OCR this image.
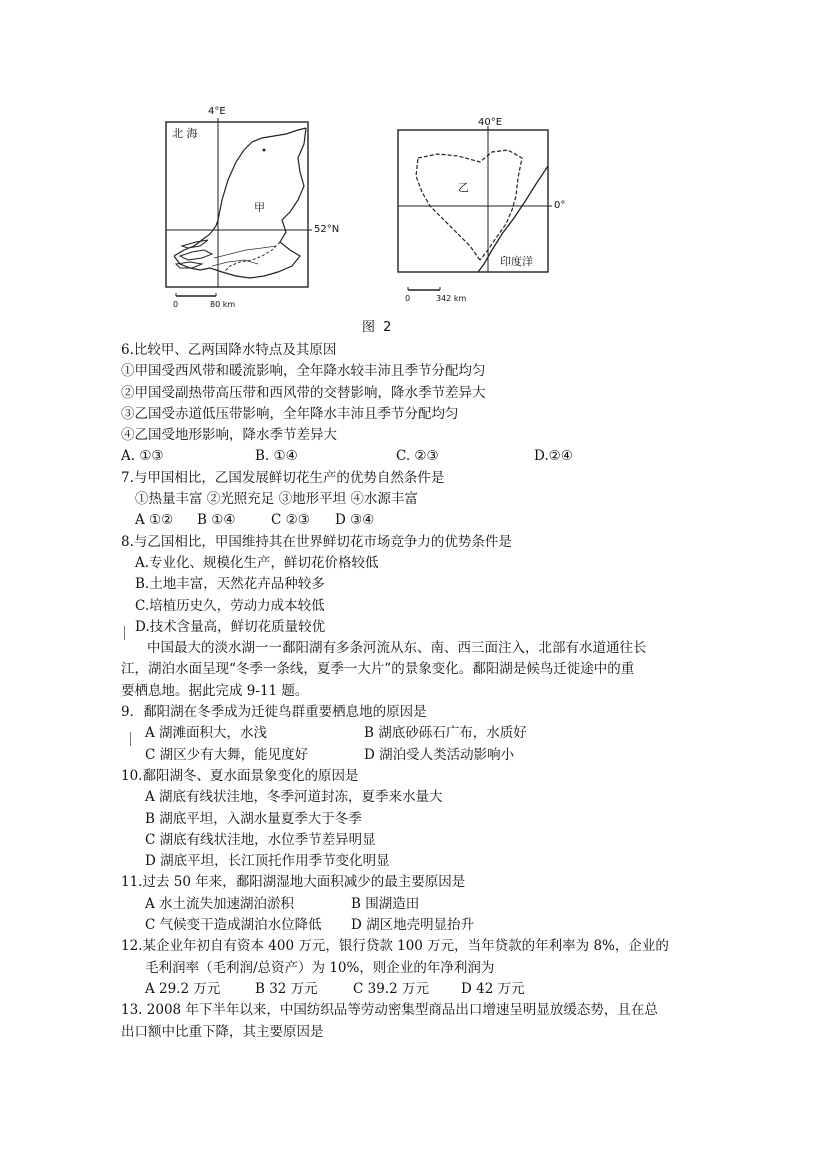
4°E
52°N
北 海
甲
0	80 km
40°E
0°
乙
印度洋
0	342 km
图 2
6.比较甲、乙两国降水特点及其原因
①甲国受西风带和暖流影响，全年降水较丰沛且季节分配均匀
②甲国受副热带高压带和西风带的交替影响，降水季节差异大
③乙国受赤道低压带影响，全年降水丰沛且季节分配均匀
④乙国受地形影响，降水季节差异大
A. ①③	B. ①④	C. ②③	D.②④
7.与甲国相比，乙国发展鲜切花生产的优势自然条件是
①热量丰富 ②光照充足 ③地形平坦 ④水源丰富
A ①② B ①④	C ②③ D ③④
8.与乙国相比，甲国维持其在世界鲜切花市场竞争力的优势条件是
A.专业化、规模化生产，鲜切花价格较低
B.土地丰富，天然花卉品种较多
C.培植历史久，劳动力成本较低
D.技术含量高，鲜切花质量较优
中国最大的淡水湖一一鄱阳湖有多条河流从东、南、西三面注入，北部有水道通往长
江，湖泊水面呈现“冬季一条线，夏季一大片”的景象变化。鄱阳湖是候鸟迁徙途中的重
要栖息地。据此完成 9-11 题。
9．鄱阳湖在冬季成为迁徙鸟群重要栖息地的原因是
A 湖滩面积大，水浅	B 湖底砂砾石广布，水质好
C 湖区少有大舞，能见度好	D 湖泊受人类活动影响小
10.鄱阳湖冬、夏水面景象变化的原因是
A 湖底有线状洼地，冬季河道封冻，夏季来水量大
B 湖底平坦，入湖水量夏季大于冬季
C 湖底有线状洼地，水位季节差异明显
D 湖底平坦，长江顶托作用季节变化明显
11.过去 50 年来，鄱阳湖湿地大面积减少的最主要原因是
A 水土流失加速湖泊淤积	B 围湖造田
C 气候变干造成湖泊水位降低 D 湖区地壳明显抬升
12.某企业年初自有资本 400 万元，银行贷款 100 万元，当年贷款的年利率为 8%，企业的
毛利润率（毛利润/总资产）为 10%，则企业的年净利润为
A 29.2 万元	B 32 万元	C 39.2 万元 D 42 万元
13. 2008 年下半年以来，中国纺织品等劳动密集型商品出口增速呈明显放缓态势，且在总
出口额中比重下降，其主要原因是
